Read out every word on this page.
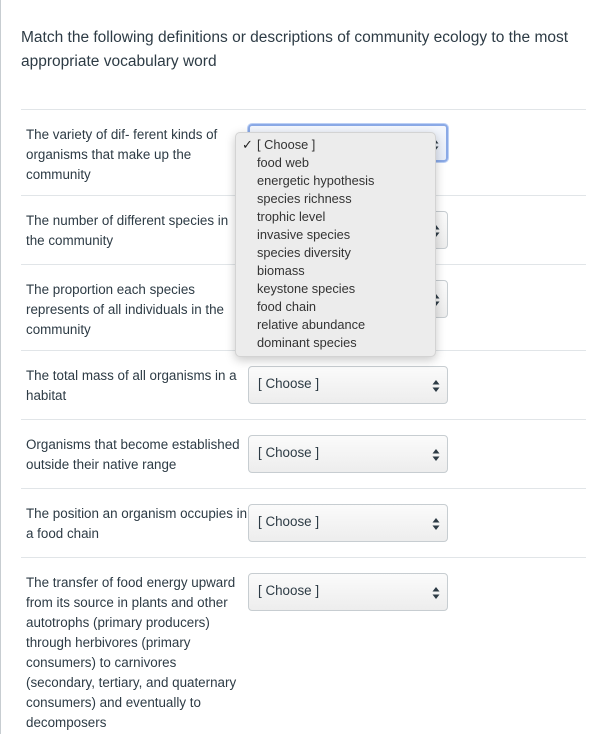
Match the following definitions or descriptions of community ecology to the most appropriate vocabulary word
The variety of dif- ferent kinds of organisms that make up the community
The number of different species in the community
The proportion each species represents of all individuals in the community
The total mass of all organisms in a habitat
[ Choose ]
Organisms that become established outside their native range
[ Choose ]
The position an organism occupies in a food chain
[ Choose ]
The transfer of food energy upward from its source in plants and other autotrophs (primary producers) through herbivores (primary consumers) to carnivores (secondary, tertiary, and quaternary consumers) and eventually to decomposers
[ Choose ]
✓ [ Choose ]
food web
energetic hypothesis
species richness
trophic level
invasive species
species diversity
biomass
keystone species
food chain
relative abundance
dominant species
